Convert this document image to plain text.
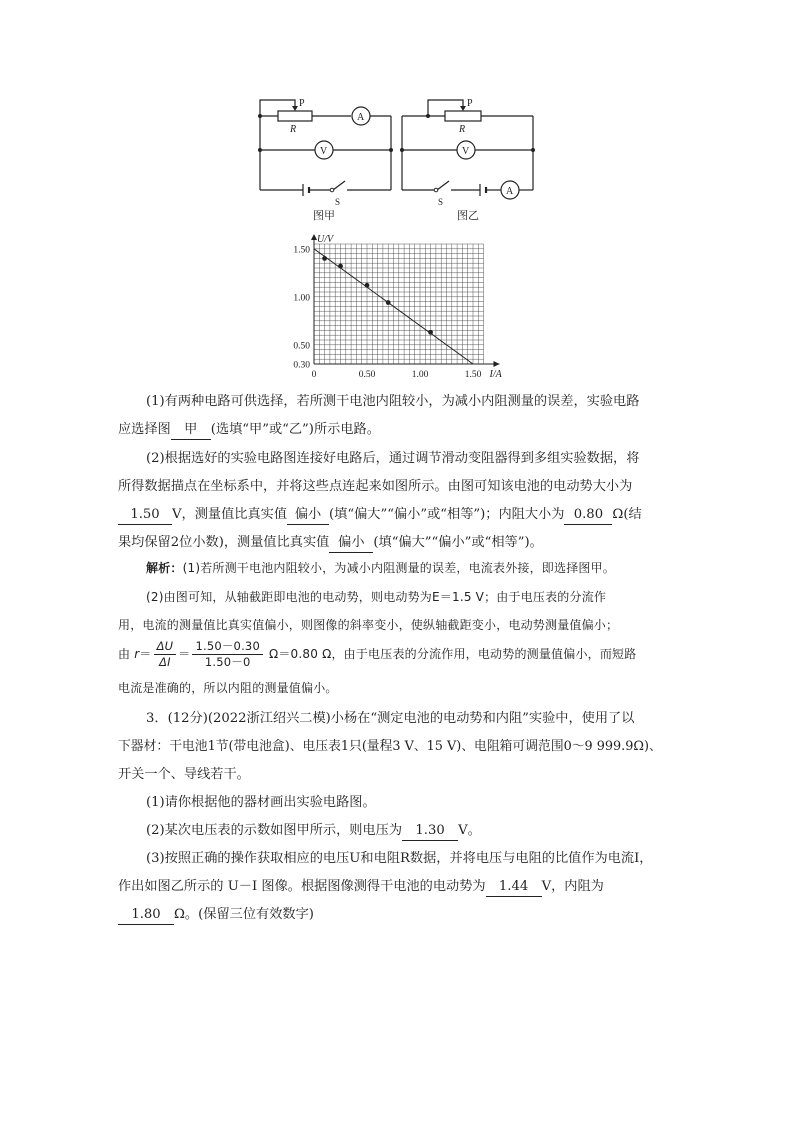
P
R
A
V
S
图甲
P
R
V
A
S
图乙
U/V
I/A
0	0.50	1.00	1.50
0.30
0.50
1.00
1.50
(1)有两种电路可供选择，若所测干电池内阻较小，为减小内阻测量的误差，实验电路
应选择图 甲 (选填“甲”或“乙”)所示电路。
(2)根据选好的实验电路图连接好电路后，通过调节滑动变阻器得到多组实验数据，将
所得数据描点在坐标系中，并将这些点连起来如图所示。由图可知该电池的电动势大小为
1.50 V，测量值比真实值 偏小 (填“偏大”“偏小”或“相等”)；内阻大小为 0.80 Ω(结
果均保留2位小数)，测量值比真实值 偏小 (填“偏大”“偏小”或“相等”)。
解析：(1)若所测干电池内阻较小，为减小内阻测量的误差，电流表外接，即选择图甲。
(2)由图可知，从轴截距即电池的电动势，则电动势为E＝1.5 V；由于电压表的分流作
用，电流的测量值比真实值偏小，则图像的斜率变小，使纵轴截距变小，电动势测量值偏小；
由 $r= \frac{\Delta U}{\Delta I} = \frac{1.50-0.30}{1.50-0} \Omega=0.80$ Ω，由于电压表的分流作用，电动势的测量值偏小，而短路
电流是准确的，所以内阻的测量值偏小。
3．(12分)(2022浙江绍兴二模)小杨在“测定电池的电动势和内阻”实验中，使用了以
下器材：干电池1节(带电池盒)、电压表1只(量程3 V、15 V)、电阻箱可调范围0～9 999.9Ω)、
开关一个、导线若干。
(1)请你根据他的器材画出实验电路图。
(2)某次电压表的示数如图甲所示，则电压为 1.30 V。
(3)按照正确的操作获取相应的电压U和电阻R数据，并将电压与电阻的比值作为电流I，
作出如图乙所示的 U－I 图像。根据图像测得干电池的电动势为 1.44 V，内阻为
1.80 Ω。(保留三位有效数字)
